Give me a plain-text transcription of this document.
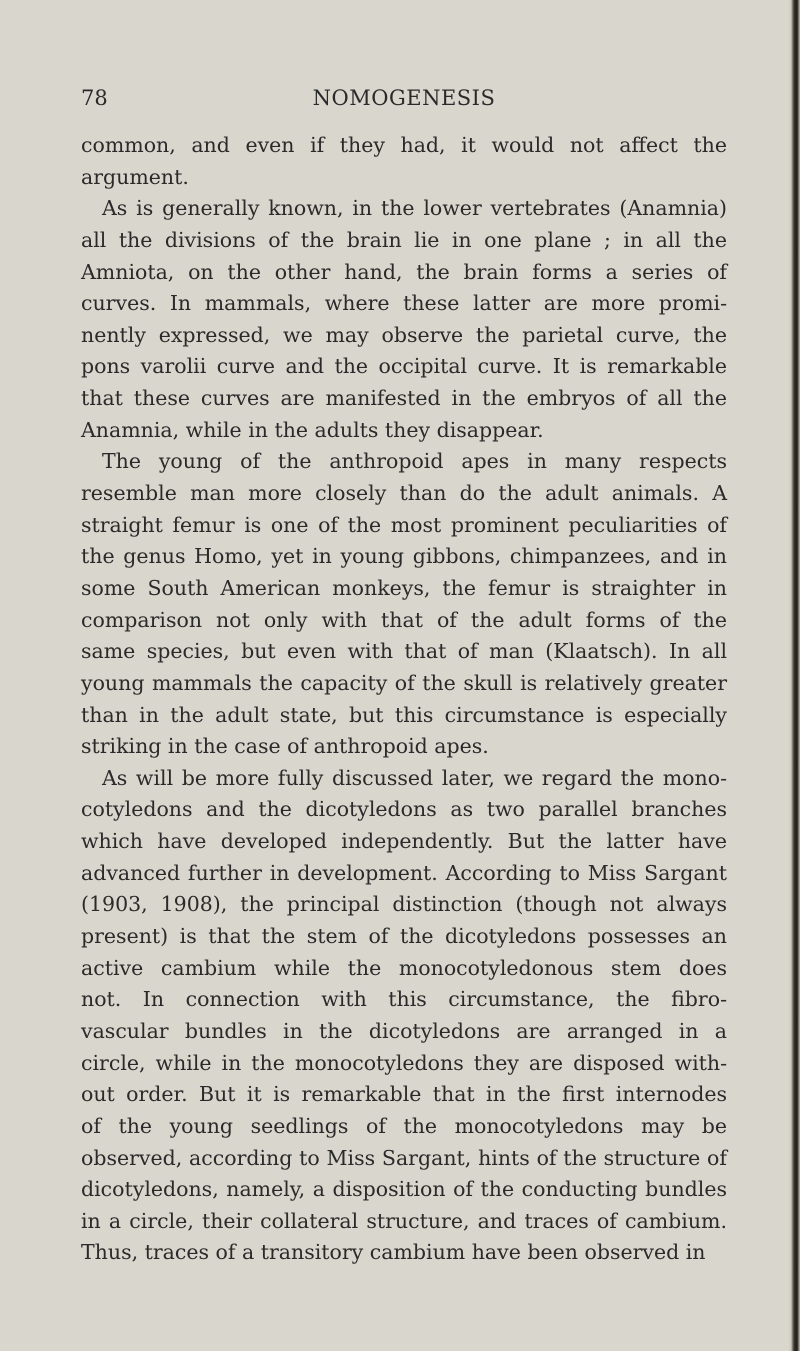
78	NOMOGENESIS
common, and even if they had, it would not affect the
argument.
As is generally known, in the lower vertebrates (Anamnia)
all the divisions of the brain lie in one plane ; in all the
Amniota, on the other hand, the brain forms a series of
curves. In mammals, where these latter are more promi-
nently expressed, we may observe the parietal curve, the
pons varolii curve and the occipital curve. It is remarkable
that these curves are manifested in the embryos of all the
Anamnia, while in the adults they disappear.
The young of the anthropoid apes in many respects
resemble man more closely than do the adult animals. A
straight femur is one of the most prominent peculiarities of
the genus Homo, yet in young gibbons, chimpanzees, and in
some South American monkeys, the femur is straighter in
comparison not only with that of the adult forms of the
same species, but even with that of man (Klaatsch). In all
young mammals the capacity of the skull is relatively greater
than in the adult state, but this circumstance is especially
striking in the case of anthropoid apes.
As will be more fully discussed later, we regard the mono-
cotyledons and the dicotyledons as two parallel branches
which have developed independently. But the latter have
advanced further in development. According to Miss Sargant
(1903, 1908), the principal distinction (though not always
present) is that the stem of the dicotyledons possesses an
active cambium while the monocotyledonous stem does
not. In connection with this circumstance, the fibro-
vascular bundles in the dicotyledons are arranged in a
circle, while in the monocotyledons they are disposed with-
out order. But it is remarkable that in the first internodes
of the young seedlings of the monocotyledons may be
observed, according to Miss Sargant, hints of the structure of
dicotyledons, namely, a disposition of the conducting bundles
in a circle, their collateral structure, and traces of cambium.
Thus, traces of a transitory cambium have been observed in
